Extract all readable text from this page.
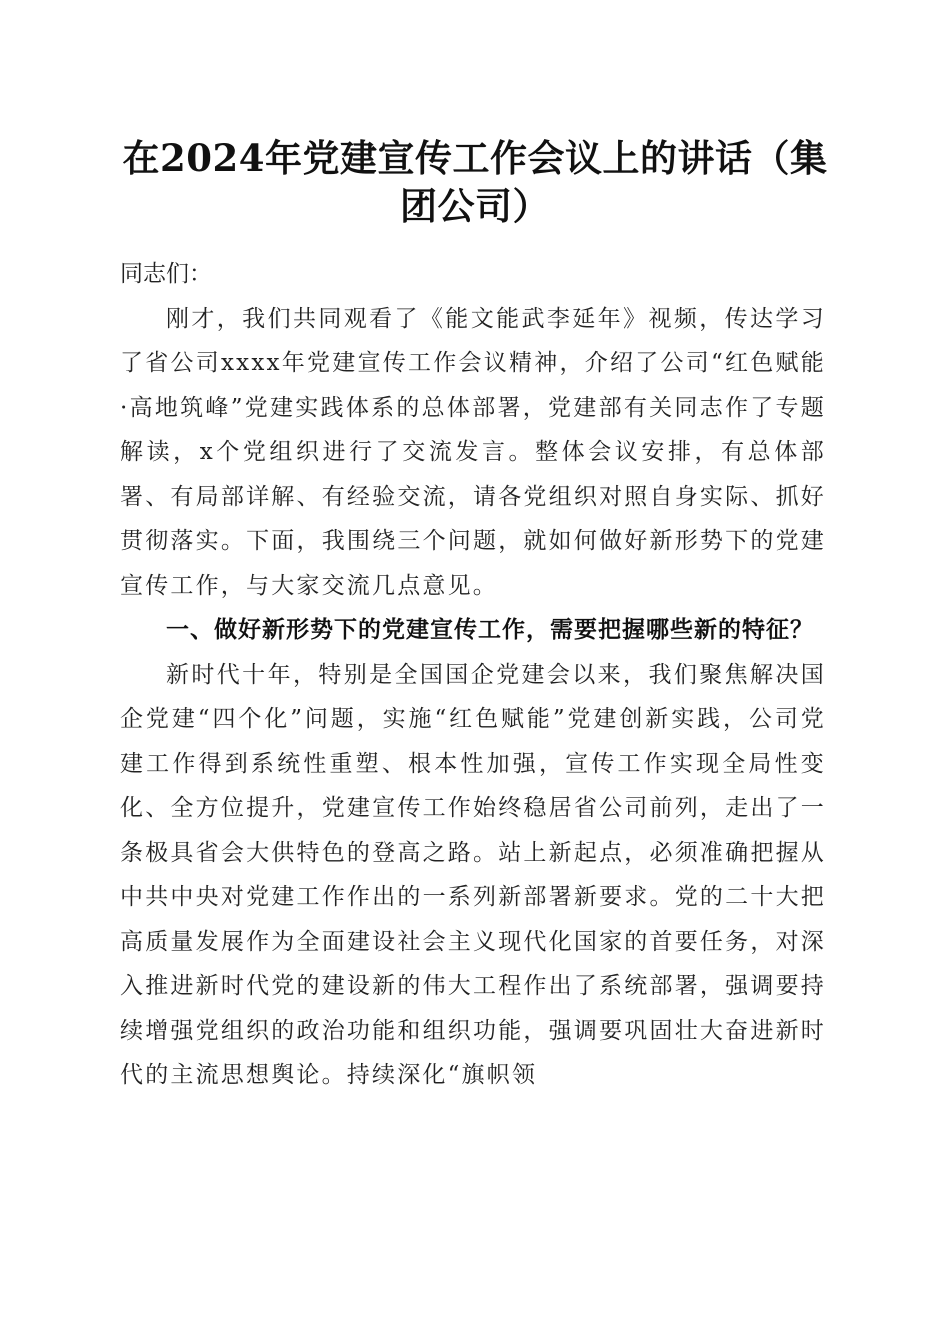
在2024年党建宣传工作会议上的讲话（集团公司）

同志们：

刚才，我们共同观看了《能文能武李延年》视频，传达学习了省公司xxxx年党建宣传工作会议精神，介绍了公司“红色赋能·高地筑峰”党建实践体系的总体部署，党建部有关同志作了专题解读，x个党组织进行了交流发言。整体会议安排，有总体部署、有局部详解、有经验交流，请各党组织对照自身实际、抓好贯彻落实。下面，我围绕三个问题，就如何做好新形势下的党建宣传工作，与大家交流几点意见。

一、做好新形势下的党建宣传工作，需要把握哪些新的特征？

新时代十年，特别是全国国企党建会以来，我们聚焦解决国企党建“四个化”问题，实施“红色赋能”党建创新实践，公司党建工作得到系统性重塑、根本性加强，宣传工作实现全局性变化、全方位提升，党建宣传工作始终稳居省公司前列，走出了一条极具省会大供特色的登高之路。站上新起点，必须准确把握从中共中央对党建工作作出的一系列新部署新要求。党的二十大把高质量发展作为全面建设社会主义现代化国家的首要任务，对深入推进新时代党的建设新的伟大工程作出了系统部署，强调要持续增强党组织的政治功能和组织功能，强调要巩固壮大奋进新时代的主流思想舆论。持续深化“旗帜领
